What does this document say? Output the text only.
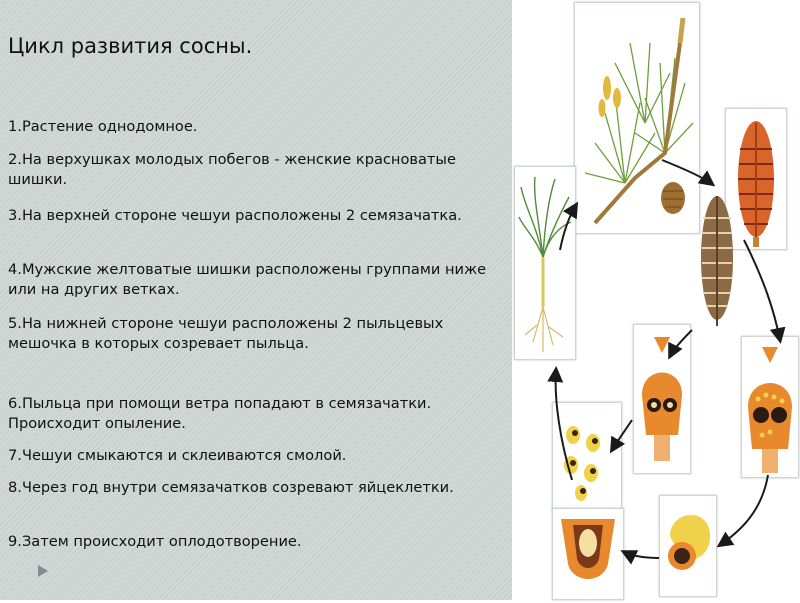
Цикл развития сосны.
1.Растение однодомное.
2.На верхушках молодых побегов - женские красноватые шишки.
3.На верхней стороне чешуи расположены 2 семязачатка.
4.Мужские желтоватые шишки расположены группами ниже или на других ветках.
5.На нижней стороне чешуи расположены 2 пыльцевых мешочка в которых созревает пыльца.
6.Пыльца при помощи ветра попадают в семязачатки. Происходит опыление.
7.Чешуи смыкаются и склеиваются смолой.
8.Через год внутри семязачатков созревают яйцеклетки.
9.Затем происходит оплодотворение.
